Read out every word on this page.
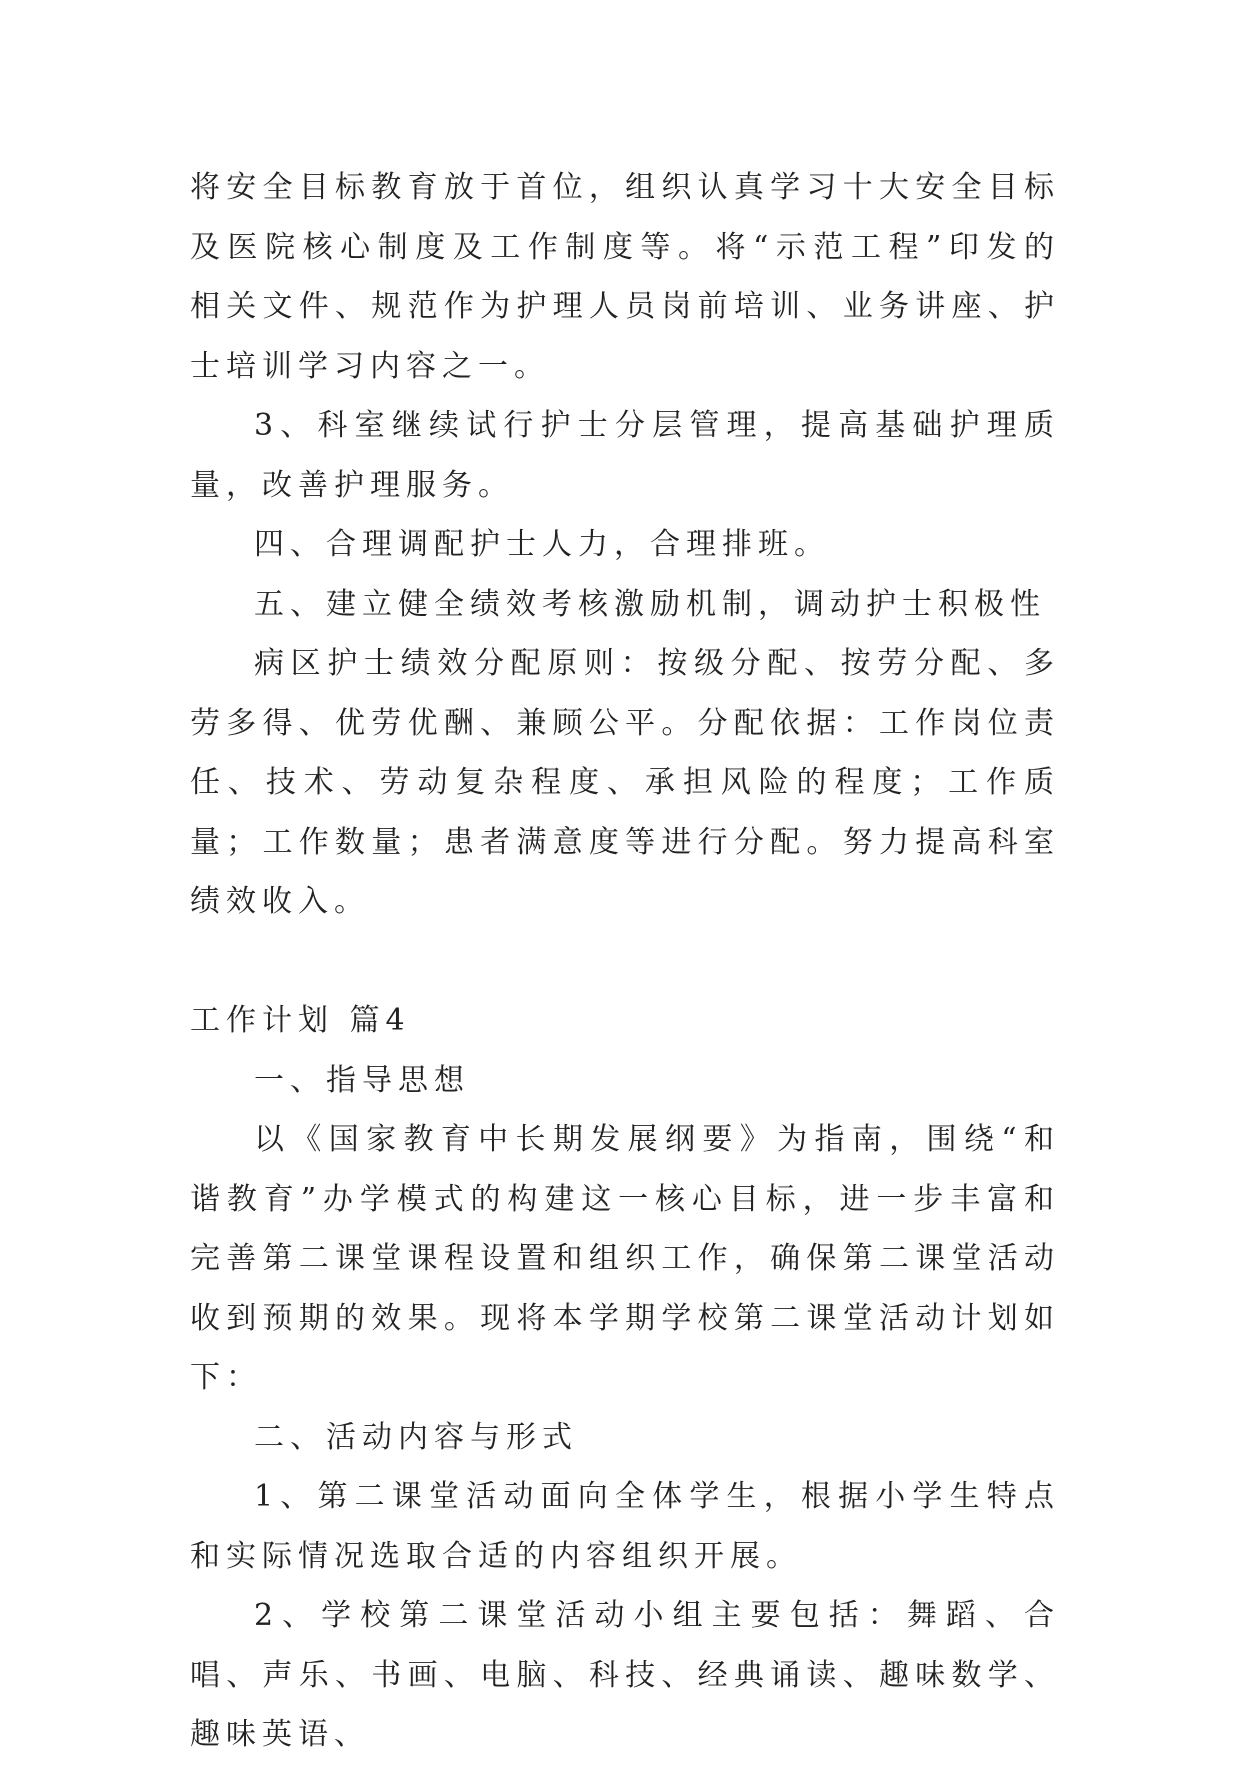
将安全目标教育放于首位，组织认真学习十大安全目标及医院核心制度及工作制度等。将“示范工程”印发的相关文件、规范作为护理人员岗前培训、业务讲座、护士培训学习内容之一。

3、科室继续试行护士分层管理，提高基础护理质量，改善护理服务。

四、合理调配护士人力，合理排班。

五、建立健全绩效考核激励机制，调动护士积极性

病区护士绩效分配原则：按级分配、按劳分配、多劳多得、优劳优酬、兼顾公平。分配依据：工作岗位责任、技术、劳动复杂程度、承担风险的程度；工作质量；工作数量；患者满意度等进行分配。努力提高科室绩效收入。

工作计划 篇4

一、指导思想

以《国家教育中长期发展纲要》为指南，围绕“和谐教育”办学模式的构建这一核心目标，进一步丰富和完善第二课堂课程设置和组织工作，确保第二课堂活动收到预期的效果。现将本学期学校第二课堂活动计划如下：

二、活动内容与形式

1、第二课堂活动面向全体学生，根据小学生特点和实际情况选取合适的内容组织开展。

2、学校第二课堂活动小组主要包括：舞蹈、合唱、声乐、书画、电脑、科技、经典诵读、趣味数学、趣味英语、
